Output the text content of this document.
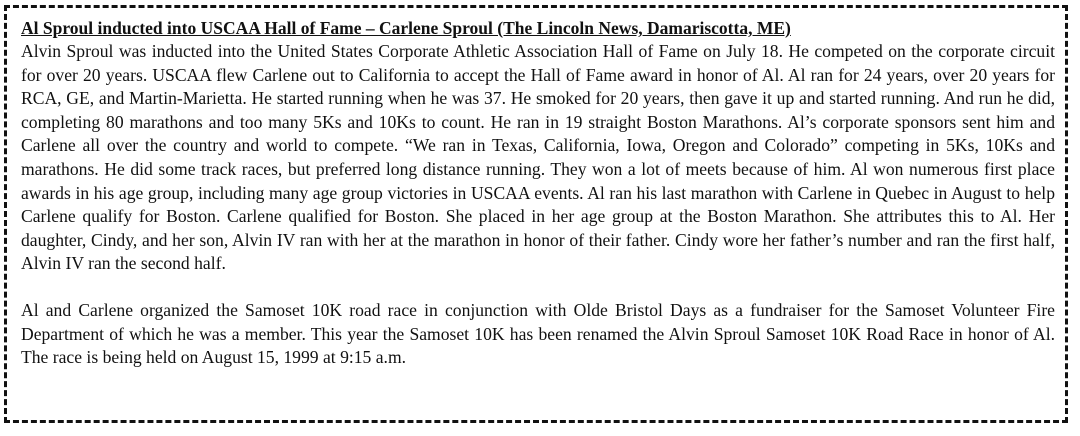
Al Sproul inducted into USCAA Hall of Fame – Carlene Sproul (The Lincoln News, Damariscotta, ME)

Alvin Sproul was inducted into the United States Corporate Athletic Association Hall of Fame on July 18. He competed on the corporate circuit for over 20 years. USCAA flew Carlene out to California to accept the Hall of Fame award in honor of Al. Al ran for 24 years, over 20 years for RCA, GE, and Martin-Marietta. He started running when he was 37. He smoked for 20 years, then gave it up and started running. And run he did, completing 80 marathons and too many 5Ks and 10Ks to count. He ran in 19 straight Boston Marathons. Al’s corporate sponsors sent him and Carlene all over the country and world to compete. “We ran in Texas, California, Iowa, Oregon and Colorado” competing in 5Ks, 10Ks and marathons. He did some track races, but preferred long distance running. They won a lot of meets because of him. Al won numerous first place awards in his age group, including many age group victories in USCAA events. Al ran his last marathon with Carlene in Quebec in August to help Carlene qualify for Boston. Carlene qualified for Boston. She placed in her age group at the Boston Marathon. She attributes this to Al. Her daughter, Cindy, and her son, Alvin IV ran with her at the marathon in honor of their father. Cindy wore her father’s number and ran the first half, Alvin IV ran the second half.

Al and Carlene organized the Samoset 10K road race in conjunction with Olde Bristol Days as a fundraiser for the Samoset Volunteer Fire Department of which he was a member. This year the Samoset 10K has been renamed the Alvin Sproul Samoset 10K Road Race in honor of Al. The race is being held on August 15, 1999 at 9:15 a.m.
